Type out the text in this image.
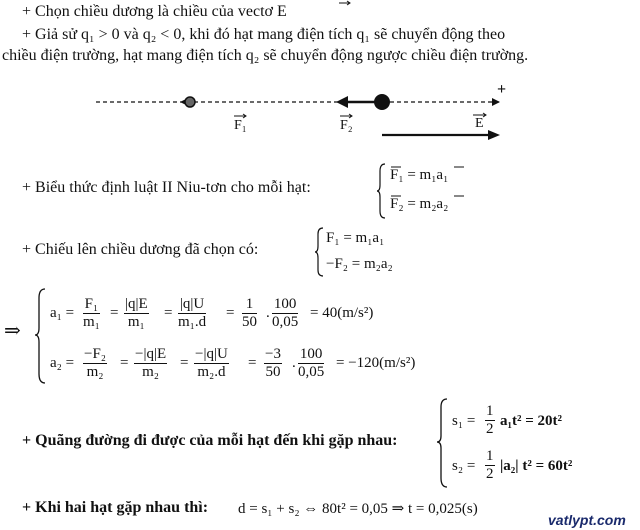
+ Chọn chiều dương là chiều của vectơ E
+ Giả sử q₁ > 0 và q₂ < 0, khi đó hạt mang điện tích q₁ sẽ chuyển động theo
chiều điện trường, hạt mang điện tích q₂ sẽ chuyển động ngược chiều điện trường.
+
F₁	F₂	E
+ Biểu thức định luật II Niu-tơn cho mỗi hạt:
F₁ = m₁a₁
F₂ = m₂a₂
+ Chiếu lên chiều dương đã chọn có:
F₁ = m₁a₁
−F₂ = m₂a₂
⇒
$a_1 = \frac{\text{F₁}}{\text{m₁}} = \frac{|q|E}{\text{m₁}} = \frac{|q|U}{\text{m₁.d}} = \frac{1}{50}$ . $\frac{100}{0,05} = 40(m/s^2)$
$a_2 = \frac{\text{−F₂}}{\text{m₂}} = \frac{-|q|E}{\text{m₂}} = \frac{-|q|U}{\text{m₂.d}} = \frac{-3}{50}$ . $\frac{100}{0,05} = -120(m/s^2)$
+ Quãng đường đi được của mỗi hạt đến khi gặp nhau:
$s_1 = \frac{1}{2} a_1t^2 = 20t^2$
$s_2 = \frac{1}{2} |a_2|$ t² = 60t²
+ Khi hai hạt gặp nhau thì: d = s₁ + s₂ ⇔ 80t² = 0,05 ⇒ t = 0,025(s)
vatlypt.com
